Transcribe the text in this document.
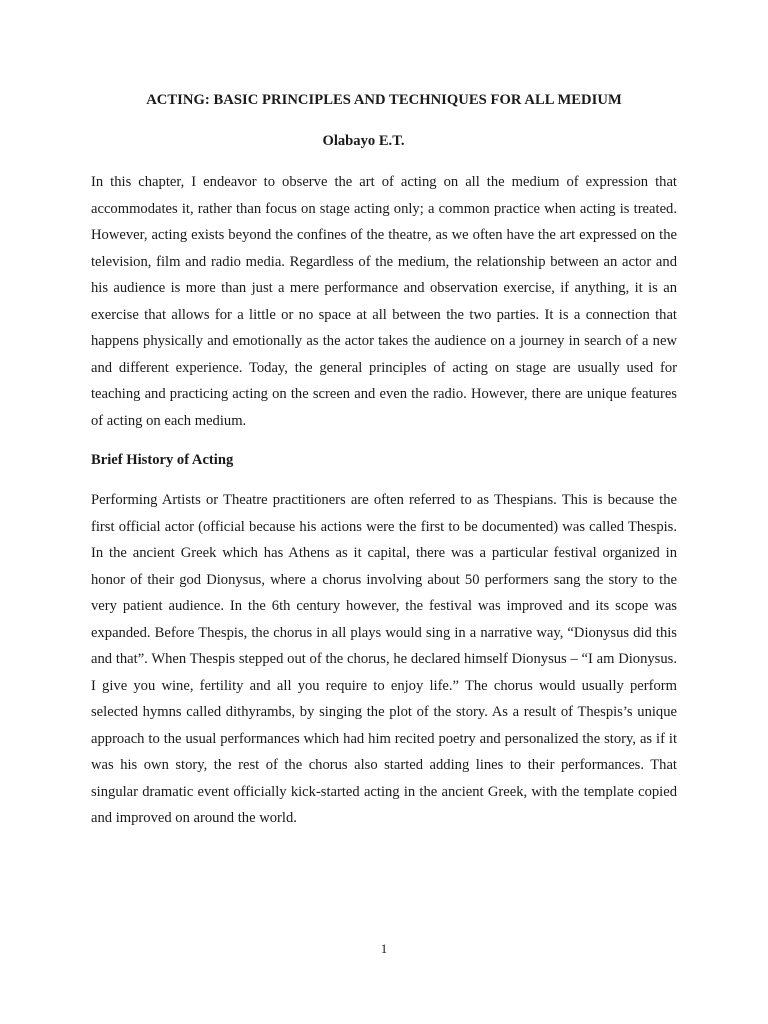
ACTING: BASIC PRINCIPLES AND TECHNIQUES FOR ALL MEDIUM

Olabayo E.T.

In this chapter, I endeavor to observe the art of acting on all the medium of expression that accommodates it, rather than focus on stage acting only; a common practice when acting is treated. However, acting exists beyond the confines of the theatre, as we often have the art expressed on the television, film and radio media. Regardless of the medium, the relationship between an actor and his audience is more than just a mere performance and observation exercise, if anything, it is an exercise that allows for a little or no space at all between the two parties. It is a connection that happens physically and emotionally as the actor takes the audience on a journey in search of a new and different experience. Today, the general principles of acting on stage are usually used for teaching and practicing acting on the screen and even the radio. However, there are unique features of acting on each medium.

Brief History of Acting

Performing Artists or Theatre practitioners are often referred to as Thespians. This is because the first official actor (official because his actions were the first to be documented) was called Thespis. In the ancient Greek which has Athens as it capital, there was a particular festival organized in honor of their god Dionysus, where a chorus involving about 50 performers sang the story to the very patient audience. In the 6th century however, the festival was improved and its scope was expanded. Before Thespis, the chorus in all plays would sing in a narrative way, “Dionysus did this and that”. When Thespis stepped out of the chorus, he declared himself Dionysus – “I am Dionysus. I give you wine, fertility and all you require to enjoy life.” The chorus would usually perform selected hymns called dithyrambs, by singing the plot of the story. As a result of Thespis’s unique approach to the usual performances which had him recited poetry and personalized the story, as if it was his own story, the rest of the chorus also started adding lines to their performances. That singular dramatic event officially kick-started acting in the ancient Greek, with the template copied and improved on around the world.

1
